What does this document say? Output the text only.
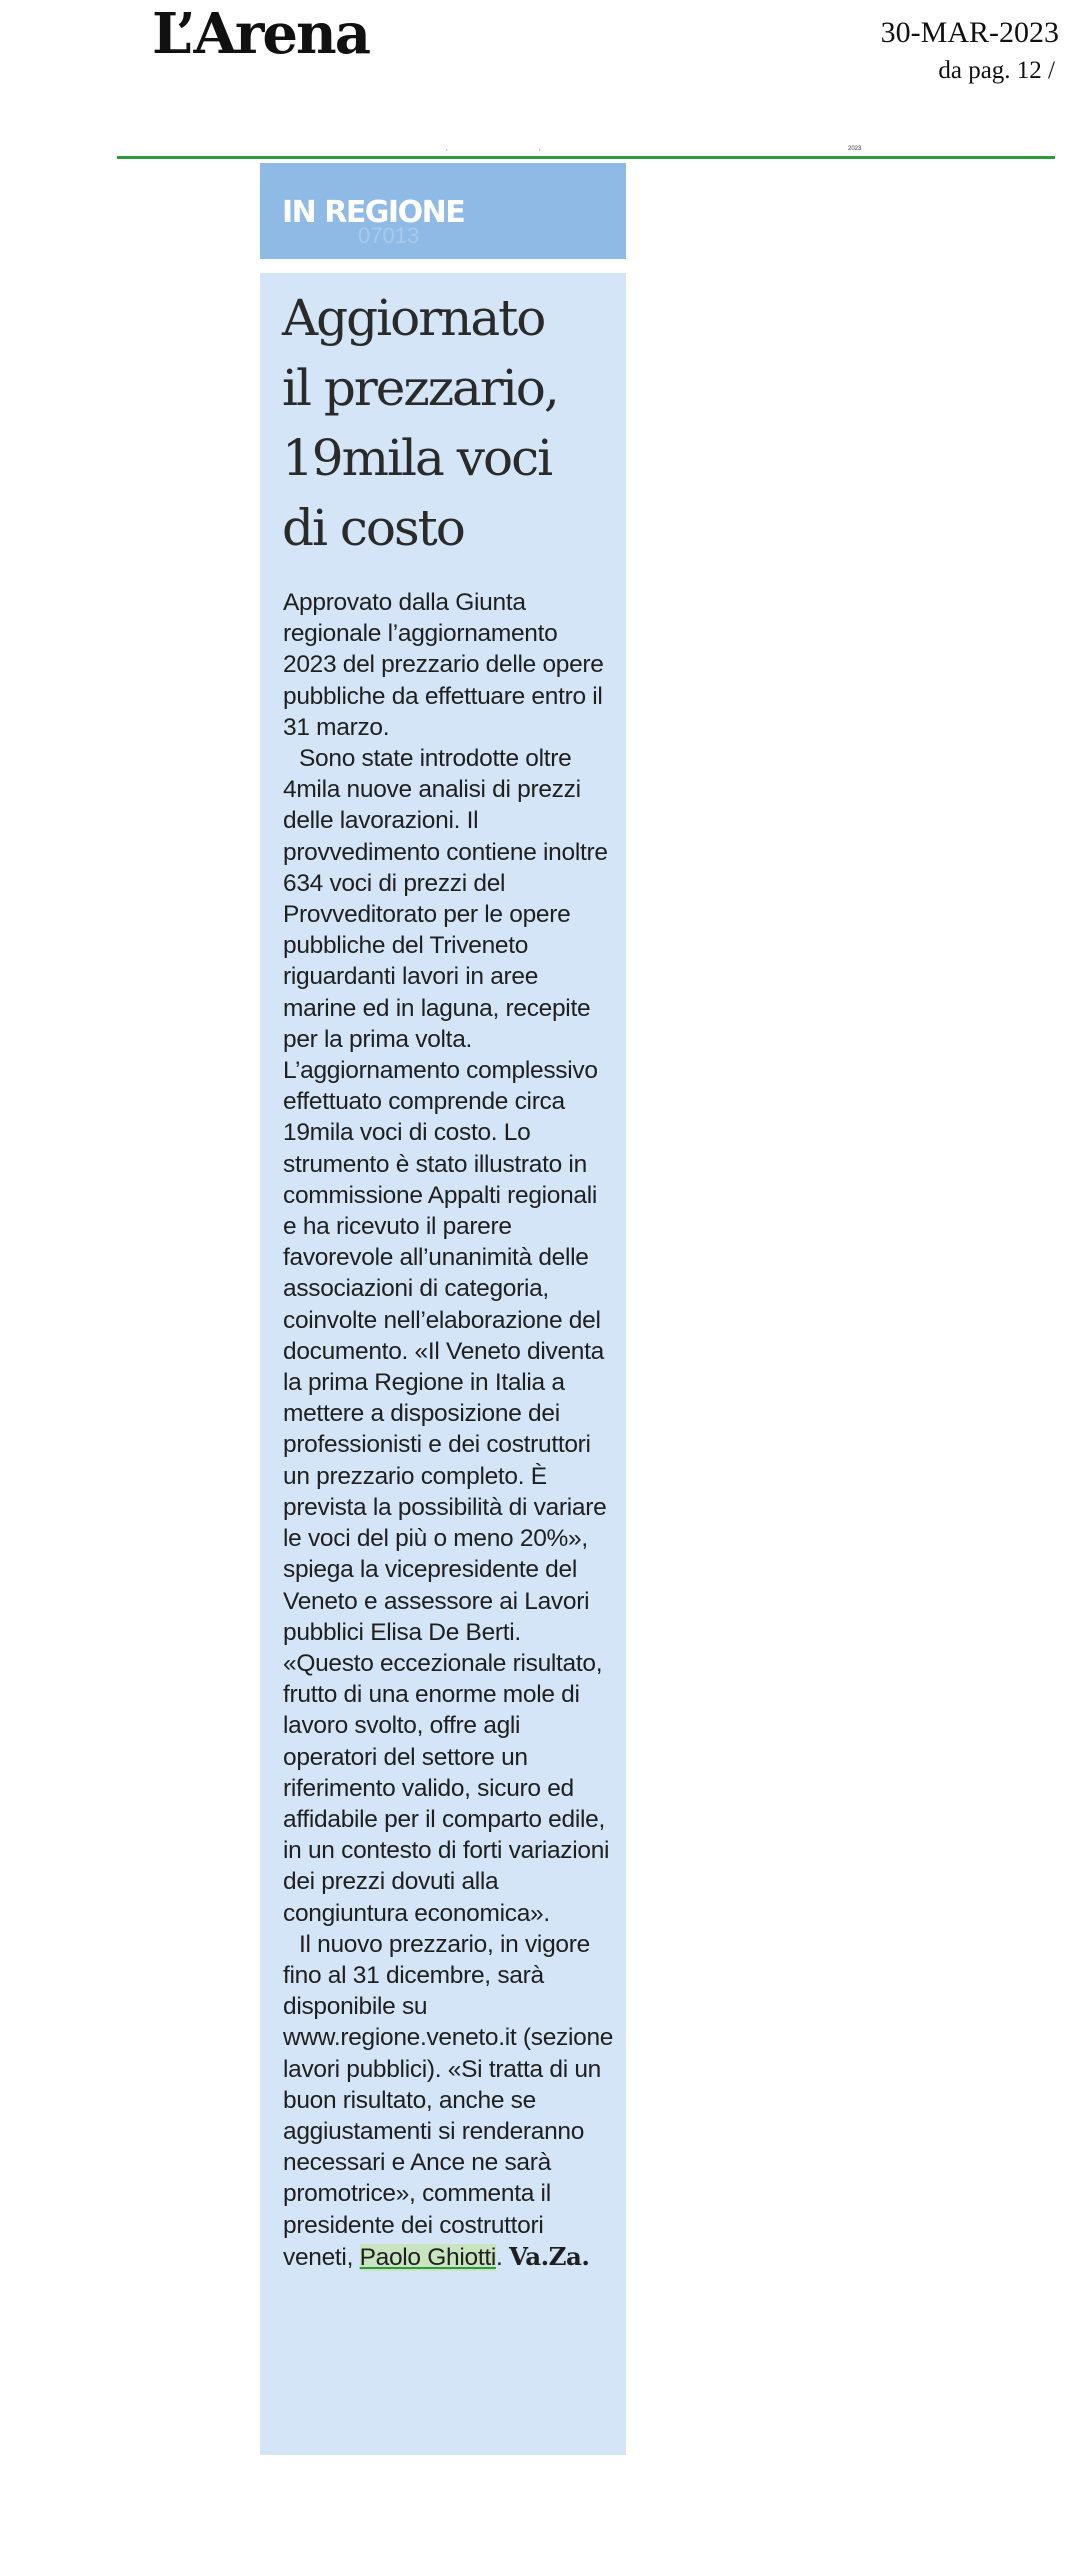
L’Arena	30-MAR-2023
da pag. 12 /
,	,	2023
07013
IN REGIONE
Aggiornato
il prezzario,
19mila voci
di costo

Approvato dalla Giunta regionale l’aggiornamento 2023 del prezzario delle opere pubbliche da effettuare entro il 31 marzo.

Sono state introdotte oltre 4mila nuove analisi di prezzi delle lavorazioni. Il provvedimento contiene inoltre 634 voci di prezzi del Provveditorato per le opere pubbliche del Triveneto riguardanti lavori in aree marine ed in laguna, recepite per la prima volta. L’aggiornamento complessivo effettuato comprende circa 19mila voci di costo. Lo strumento è stato illustrato in commissione Appalti regionali e ha ricevuto il parere favorevole all’unanimità delle associazioni di categoria, coinvolte nell’elaborazione del documento. «Il Veneto diventa la prima Regione in Italia a mettere a disposizione dei professionisti e dei costruttori un prezzario completo. È prevista la possibilità di variare le voci del più o meno 20%», spiega la vicepresidente del Veneto e assessore ai Lavori pubblici Elisa De Berti. «Questo eccezionale risultato, frutto di una enorme mole di lavoro svolto, offre agli operatori del settore un riferimento valido, sicuro ed affidabile per il comparto edile, in un contesto di forti variazioni dei prezzi dovuti alla congiuntura economica».

Il nuovo prezzario, in vigore fino al 31 dicembre, sarà disponibile su www.regione.veneto.it (sezione lavori pubblici). «Si tratta di un buon risultato, anche se aggiustamenti si renderanno necessari e Ance ne sarà promotrice», commenta il presidente dei costruttori veneti, Paolo Ghiotti. Va.Za.
